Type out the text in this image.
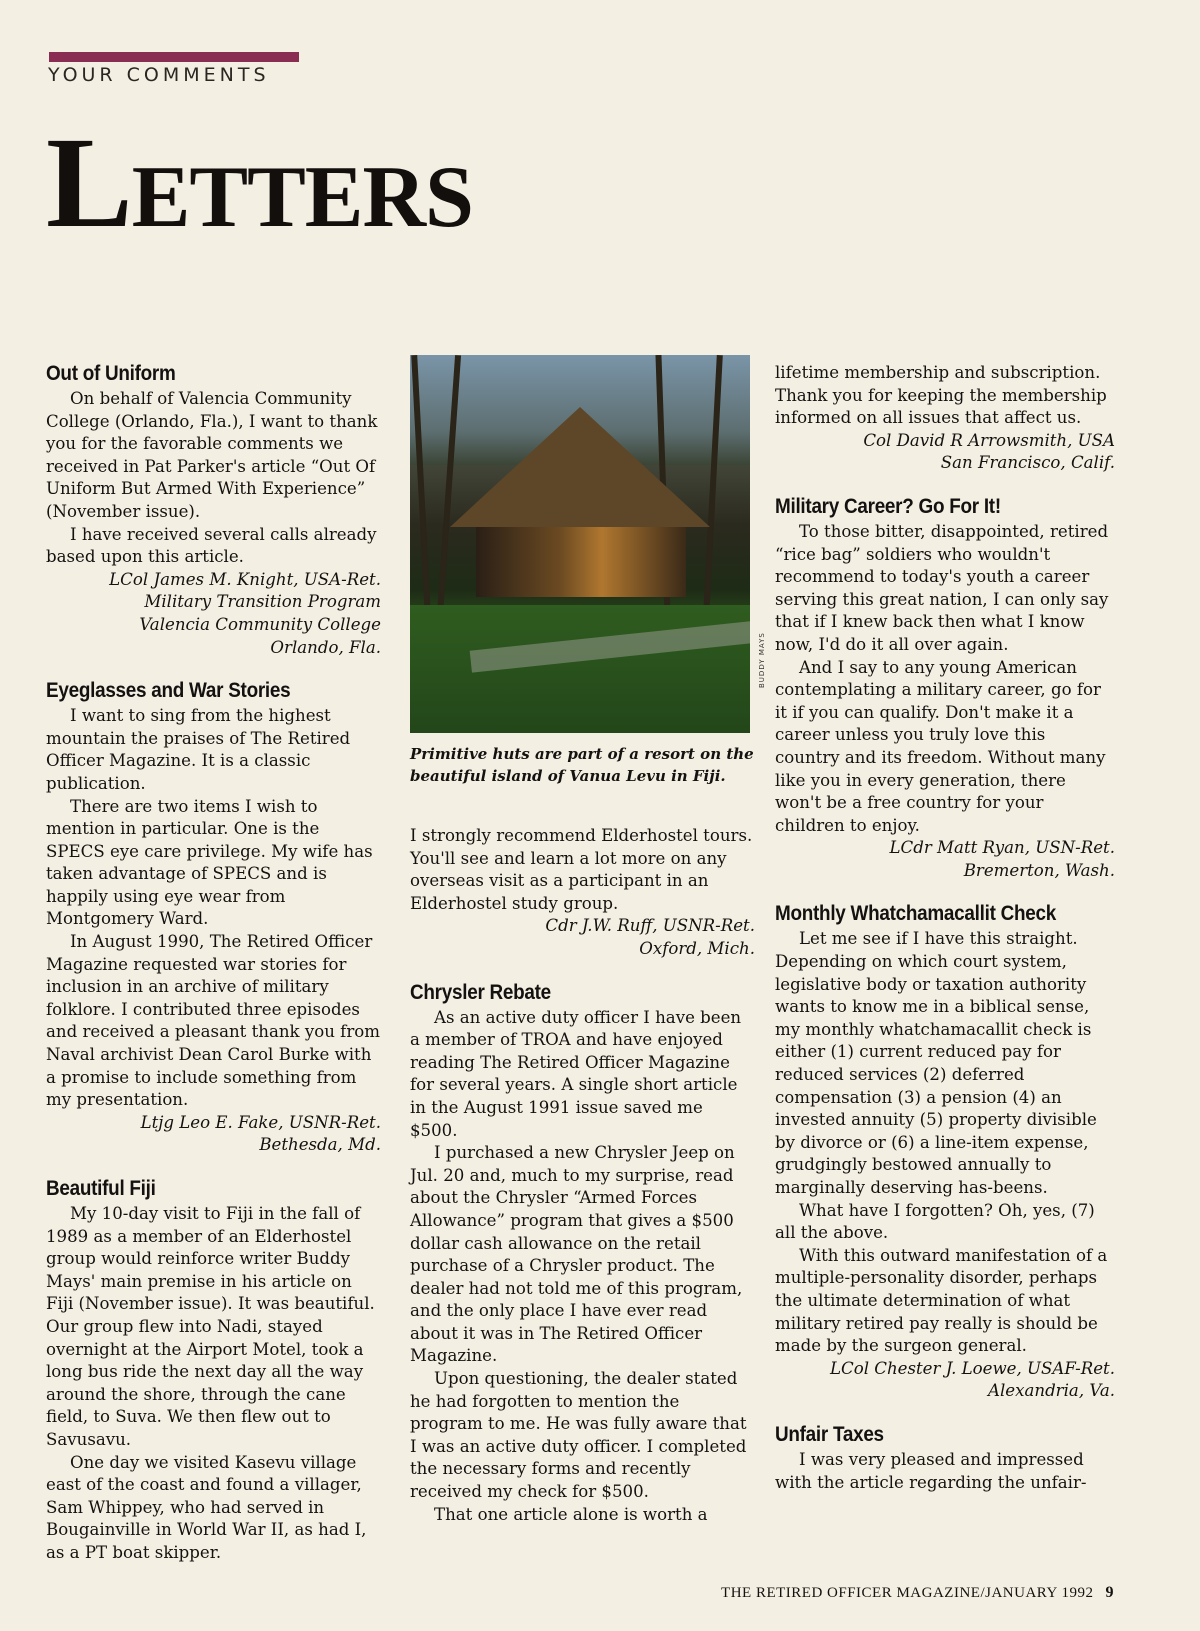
YOUR COMMENTS
LETTERS
Out of Uniform

On behalf of Valencia Community College (Orlando, Fla.), I want to thank you for the favorable comments we received in Pat Parker's article “Out Of Uniform But Armed With Experience” (November issue).

I have received several calls already based upon this article.

LCol James M. Knight, USA-Ret.
Military Transition Program
Valencia Community College
Orlando, Fla.
Eyeglasses and War Stories

I want to sing from the highest mountain the praises of The Retired Officer Magazine. It is a classic publication.

There are two items I wish to mention in particular. One is the SPECS eye care privilege. My wife has taken advantage of SPECS and is happily using eye wear from Montgomery Ward.

In August 1990, The Retired Officer Magazine requested war stories for inclusion in an archive of military folklore. I contributed three episodes and received a pleasant thank you from Naval archivist Dean Carol Burke with a promise to include something from my presentation.

Ltjg Leo E. Fake, USNR-Ret.
Bethesda, Md.
Beautiful Fiji

My 10-day visit to Fiji in the fall of 1989 as a member of an Elderhostel group would reinforce writer Buddy Mays' main premise in his article on Fiji (November issue). It was beautiful. Our group flew into Nadi, stayed overnight at the Airport Motel, took a long bus ride the next day all the way around the shore, through the cane field, to Suva. We then flew out to Savusavu.

One day we visited Kasevu village east of the coast and found a villager, Sam Whippey, who had served in Bougainville in World War II, as had I, as a PT boat skipper.

Primitive huts are part of a resort on the beautiful island of Vanua Levu in Fiji.

I strongly recommend Elderhostel tours. You'll see and learn a lot more on any overseas visit as a participant in an Elderhostel study group.

Cdr J.W. Ruff, USNR-Ret.
Oxford, Mich.
Chrysler Rebate

As an active duty officer I have been a member of TROA and have enjoyed reading The Retired Officer Magazine for several years. A single short article in the August 1991 issue saved me $500.

I purchased a new Chrysler Jeep on Jul. 20 and, much to my surprise, read about the Chrysler “Armed Forces Allowance” program that gives a $500 dollar cash allowance on the retail purchase of a Chrysler product. The dealer had not told me of this program, and the only place I have ever read about it was in The Retired Officer Magazine.

Upon questioning, the dealer stated he had forgotten to mention the program to me. He was fully aware that I was an active duty officer. I completed the necessary forms and recently received my check for $500.

That one article alone is worth a

BUDDY MAYS

lifetime membership and subscription. Thank you for keeping the membership informed on all issues that affect us.

Col David R Arrowsmith, USA
San Francisco, Calif.
Military Career? Go For It!

To those bitter, disappointed, retired “rice bag” soldiers who wouldn't recommend to today's youth a career serving this great nation, I can only say that if I knew back then what I know now, I'd do it all over again.

And I say to any young American contemplating a military career, go for it if you can qualify. Don't make it a career unless you truly love this country and its freedom. Without many like you in every generation, there won't be a free country for your children to enjoy.

LCdr Matt Ryan, USN-Ret.
Bremerton, Wash.
Monthly Whatchamacallit Check

Let me see if I have this straight. Depending on which court system, legislative body or taxation authority wants to know me in a biblical sense, my monthly whatchamacallit check is either (1) current reduced pay for reduced services (2) deferred compensation (3) a pension (4) an invested annuity (5) property divisible by divorce or (6) a line-item expense, grudgingly bestowed annually to marginally deserving has-beens.

What have I forgotten? Oh, yes, (7) all the above.

With this outward manifestation of a multiple-personality disorder, perhaps the ultimate determination of what military retired pay really is should be made by the surgeon general.

LCol Chester J. Loewe, USAF-Ret.
Alexandria, Va.
Unfair Taxes

I was very pleased and impressed with the article regarding the unfair-

THE RETIRED OFFICER MAGAZINE/JANUARY 1992 9
